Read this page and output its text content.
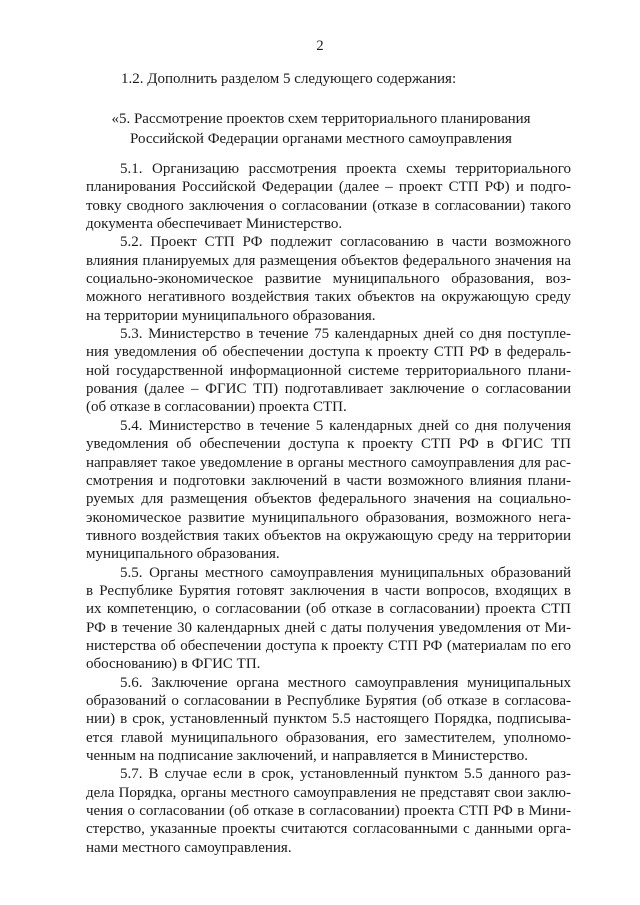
2
1.2. Дополнить разделом 5 следующего содержания:
«5. Рассмотрение проектов схем территориального планирования
Российской Федерации органами местного самоуправления

5.1. Организацию рассмотрения проекта схемы территориального
планирования Российской Федерации (далее – проект СТП РФ) и подго-
товку сводного заключения о согласовании (отказе в согласовании) такого
документа обеспечивает Министерство.

5.2. Проект СТП РФ подлежит согласованию в части возможного
влияния планируемых для размещения объектов федерального значения на
социально-экономическое развитие муниципального образования, воз-
можного негативного воздействия таких объектов на окружающую среду
на территории муниципального образования.

5.3. Министерство в течение 75 календарных дней со дня поступле-
ния уведомления об обеспечении доступа к проекту СТП РФ в федераль-
ной государственной информационной системе территориального плани-
рования (далее – ФГИС ТП) подготавливает заключение о согласовании
(об отказе в согласовании) проекта СТП.

5.4. Министерство в течение 5 календарных дней со дня получения
уведомления об обеспечении доступа к проекту СТП РФ в ФГИС ТП
направляет такое уведомление в органы местного самоуправления для рас-
смотрения и подготовки заключений в части возможного влияния плани-
руемых для размещения объектов федерального значения на социально-
экономическое развитие муниципального образования, возможного нега-
тивного воздействия таких объектов на окружающую среду на территории
муниципального образования.

5.5. Органы местного самоуправления муниципальных образований
в Республике Бурятия готовят заключения в части вопросов, входящих в
их компетенцию, о согласовании (об отказе в согласовании) проекта СТП
РФ в течение 30 календарных дней с даты получения уведомления от Ми-
нистерства об обеспечении доступа к проекту СТП РФ (материалам по его
обоснованию) в ФГИС ТП.

5.6. Заключение органа местного самоуправления муниципальных
образований о согласовании в Республике Бурятия (об отказе в согласова-
нии) в срок, установленный пунктом 5.5 настоящего Порядка, подписыва-
ется главой муниципального образования, его заместителем, уполномо-
ченным на подписание заключений, и направляется в Министерство.

5.7. В случае если в срок, установленный пунктом 5.5 данного раз-
дела Порядка, органы местного самоуправления не представят свои заклю-
чения о согласовании (об отказе в согласовании) проекта СТП РФ в Мини-
стерство, указанные проекты считаются согласованными с данными орга-
нами местного самоуправления.
